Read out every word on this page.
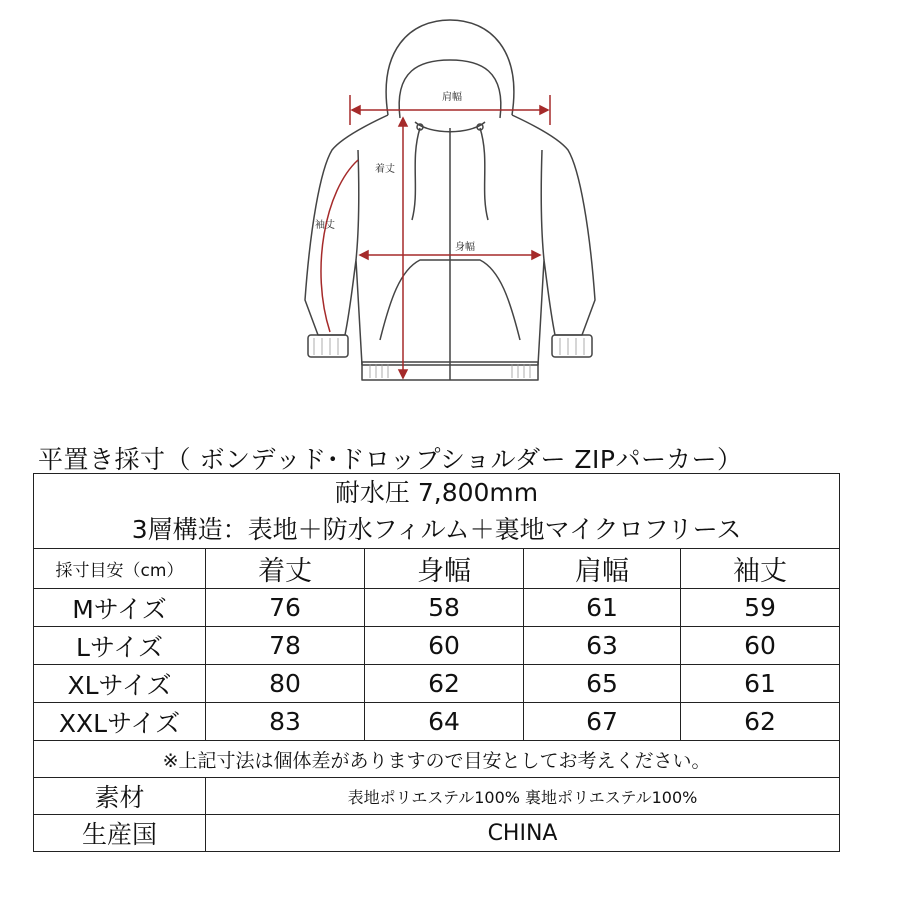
肩幅
着丈
袖丈
身幅
平置き採寸（ ボンデッド･ドロップショルダー ZIPパーカー）
耐水圧 7,800mm
3層構造：表地＋防水フィルム＋裏地マイクロフリース				

採寸目安（cm）	着丈	身幅	肩幅	袖丈
Mサイズ	76	58	61	59
Lサイズ	78	60	63	60
XLサイズ	80	62	65	61
XXLサイズ	83	64	67	62
※上記寸法は個体差がありますので目安としてお考えください。				
素材	表地ポリエステル100% 裏地ポリエステル100%			
生産国	CHINA			
